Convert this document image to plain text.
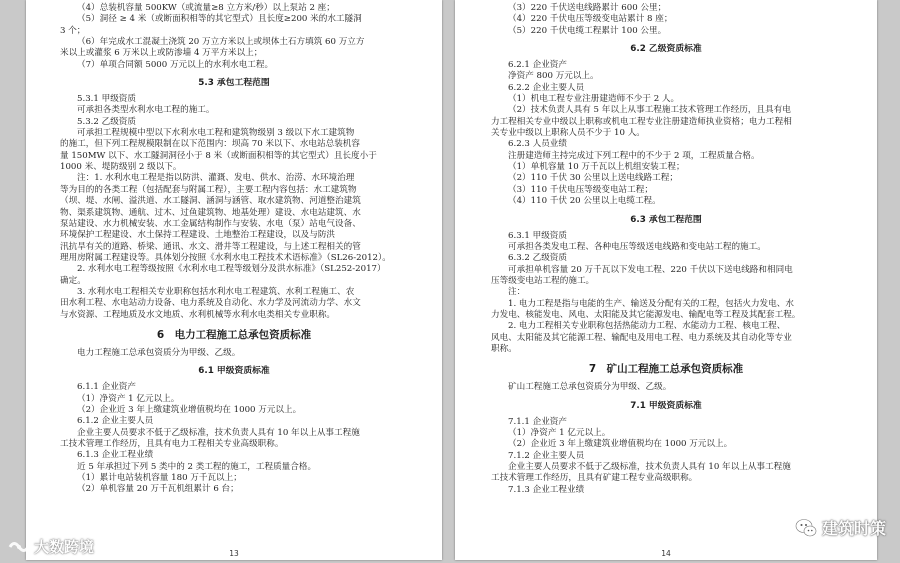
（4）总装机容量 500KW（或流量≥8 立方米/秒）以上泵站 2 座；
（5）洞径 ≥ 4 米（或断面积相等的其它型式）且长度≥200 米的水工隧洞
3 个；
（6）年完成水工混凝土浇筑 20 万立方米以上或坝体土石方填筑 60 万立方
米以上或灌浆 6 万米以上或防渗墙 4 万平方米以上；
（7）单项合同额 5000 万元以上的水利水电工程。
5.3 承包工程范围
5.3.1 甲级资质
可承担各类型水利水电工程的施工。
5.3.2 乙级资质
可承担工程规模中型以下水利水电工程和建筑物级别 3 级以下水工建筑物
的施工，但下列工程规模限制在以下范围内：坝高 70 米以下、水电站总装机容
量 150MW 以下、水工隧洞洞径小于 8 米（或断面积相等的其它型式）且长度小于
1000 米、堤防级别 2 级以下。
注：1. 水利水电工程是指以防洪、灌溉、发电、供水、治涝、水环境治理
等为目的的各类工程（包括配套与附属工程），主要工程内容包括：水工建筑物
（坝、堤、水闸、溢洪道、水工隧洞、涵洞与涵管、取水建筑物、河道整治建筑
物、渠系建筑物、通航、过木、过鱼建筑物、地基处理）建设、水电站建筑、水
泵站建设、水力机械安装、水工金属结构制作与安装、水电（泵）站电气设备、
环境保护工程建设、水土保持工程建设、土地整治工程建设，以及与防洪
汛抗旱有关的道路、桥梁、通讯、水文、滑井等工程建设，与上述工程相关的管
理用房附属工程建设等。具体划分按照《水利水电工程技术术语标准》（SL26-2012）。
2. 水利水电工程等级按照《水利水电工程等级划分及洪水标准》（SL252-2017）
确定。
3. 水利水电工程相关专业职称包括水利水电工程建筑、水利工程施工、农
田水利工程、水电站动力设备、电力系统及自动化、水力学及河流动力学、水文
与水资源、工程地质及水文地质、水利机械等水利水电类相关专业职称。
6　电力工程施工总承包资质标准
电力工程施工总承包资质分为甲级、乙级。
6.1 甲级资质标准
6.1.1 企业资产
（1）净资产 1 亿元以上。
（2）企业近 3 年上缴建筑业增值税均在 1000 万元以上。
6.1.2 企业主要人员
企业主要人员要求不低于乙级标准，技术负责人具有 10 年以上从事工程施
工技术管理工作经历，且具有电力工程相关专业高级职称。
6.1.3 企业工程业绩
近 5 年承担过下列 5 类中的 2 类工程的施工，工程质量合格。
（1）累计电站装机容量 180 万千瓦以上；
（2）单机容量 20 万千瓦机组累计 6 台；
13
（3）220 千伏送电线路累计 600 公里；
（4）220 千伏电压等级变电站累计 8 座；
（5）220 千伏电缆工程累计 100 公里。
6.2 乙级资质标准
6.2.1 企业资产
净资产 800 万元以上。
6.2.2 企业主要人员
（1）机电工程专业注册建造师不少于 2 人。
（2）技术负责人具有 5 年以上从事工程施工技术管理工作经历，且具有电
力工程相关专业中级以上职称或机电工程专业注册建造师执业资格；电力工程相
关专业中级以上职称人员不少于 10 人。
6.2.3 人员业绩
注册建造师主持完成过下列工程中的不少于 2 项，工程质量合格。
（1）单机容量 10 万千瓦以上机组安装工程；
（2）110 千伏 30 公里以上送电线路工程；
（3）110 千伏电压等级变电站工程；
（4）110 千伏 20 公里以上电缆工程。
6.3 承包工程范围
6.3.1 甲级资质
可承担各类发电工程、各种电压等级送电线路和变电站工程的施工。
6.3.2 乙级资质
可承担单机容量 20 万千瓦以下发电工程、220 千伏以下送电线路和相同电
压等级变电站工程的施工。
注：
1. 电力工程是指与电能的生产、输送及分配有关的工程，包括火力发电、水
力发电、核能发电、风电、太阳能及其它能源发电、输配电等工程及其配套工程。
2. 电力工程相关专业职称包括热能动力工程、水能动力工程、核电工程、
风电、太阳能及其它能源工程、输配电及用电工程、电力系统及其自动化等专业
职称。
7　矿山工程施工总承包资质标准
矿山工程施工总承包资质分为甲级、乙级。
7.1 甲级资质标准
7.1.1 企业资产
（1）净资产 1 亿元以上。
（2）企业近 3 年上缴建筑业增值税均在 1000 万元以上。
7.1.2 企业主要人员
企业主要人员要求不低于乙级标准，技术负责人具有 10 年以上从事工程施
工技术管理工作经历，且具有矿建工程专业高级职称。
7.1.3 企业工程业绩
14
大数跨境
建筑时策
